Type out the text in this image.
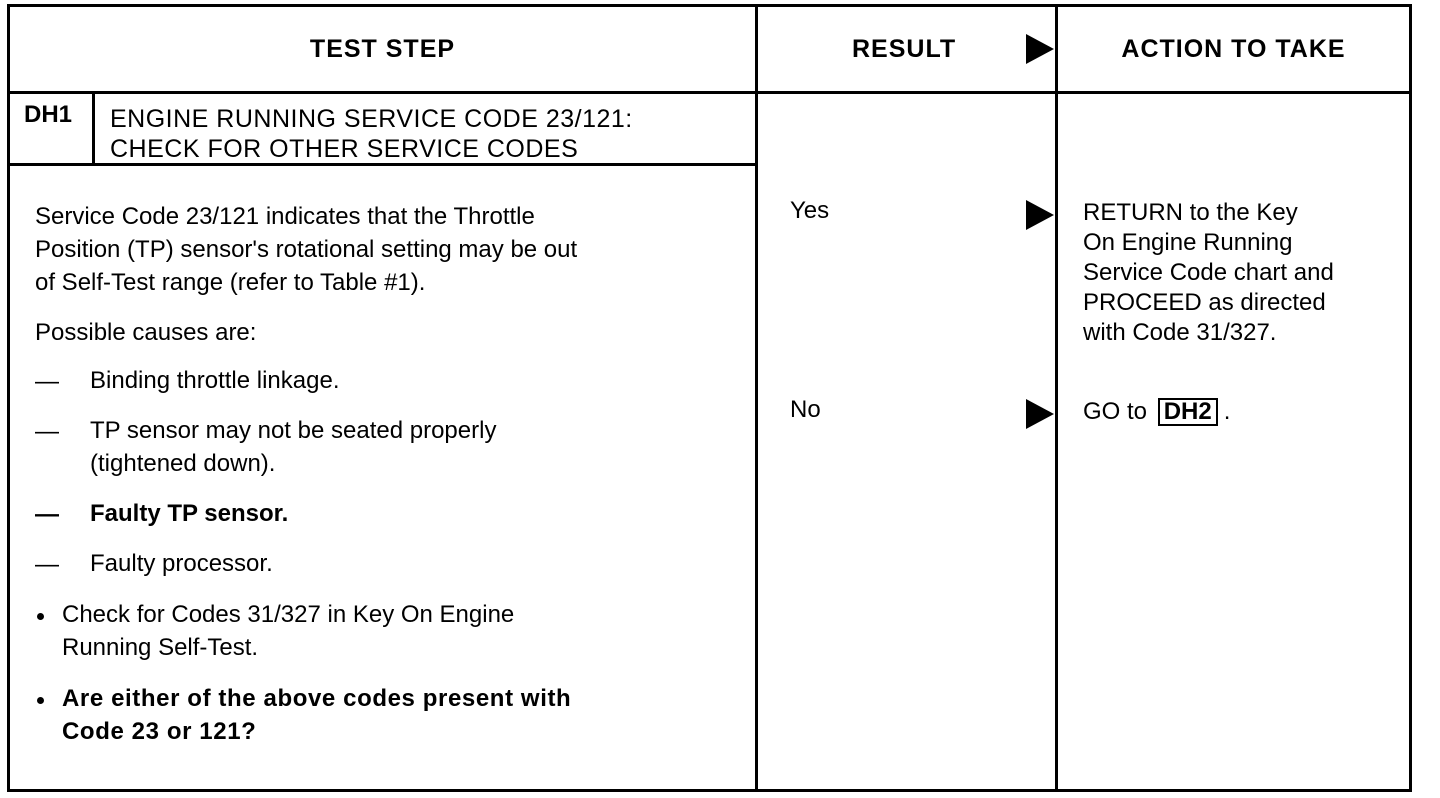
TEST STEP	RESULT	ACTION TO TAKE
DH1 ENGINE RUNNING SERVICE CODE 23/121:
CHECK FOR OTHER SERVICE CODES
Service Code 23/121 indicates that the Throttle
Position (TP) sensor's rotational setting may be out
of Self-Test range (refer to Table #1).
Possible causes are:
— Binding throttle linkage.
— TP sensor may not be seated properly
(tightened down).
— Faulty TP sensor.
— Faulty processor.
Check for Codes 31/327 in Key On Engine
Running Self-Test.
Are either of the above codes present with
Code 23 or 121?
Yes
No
RETURN to the Key
On Engine Running
Service Code chart and
PROCEED as directed
with Code 31/327.
GO to DH2 .
